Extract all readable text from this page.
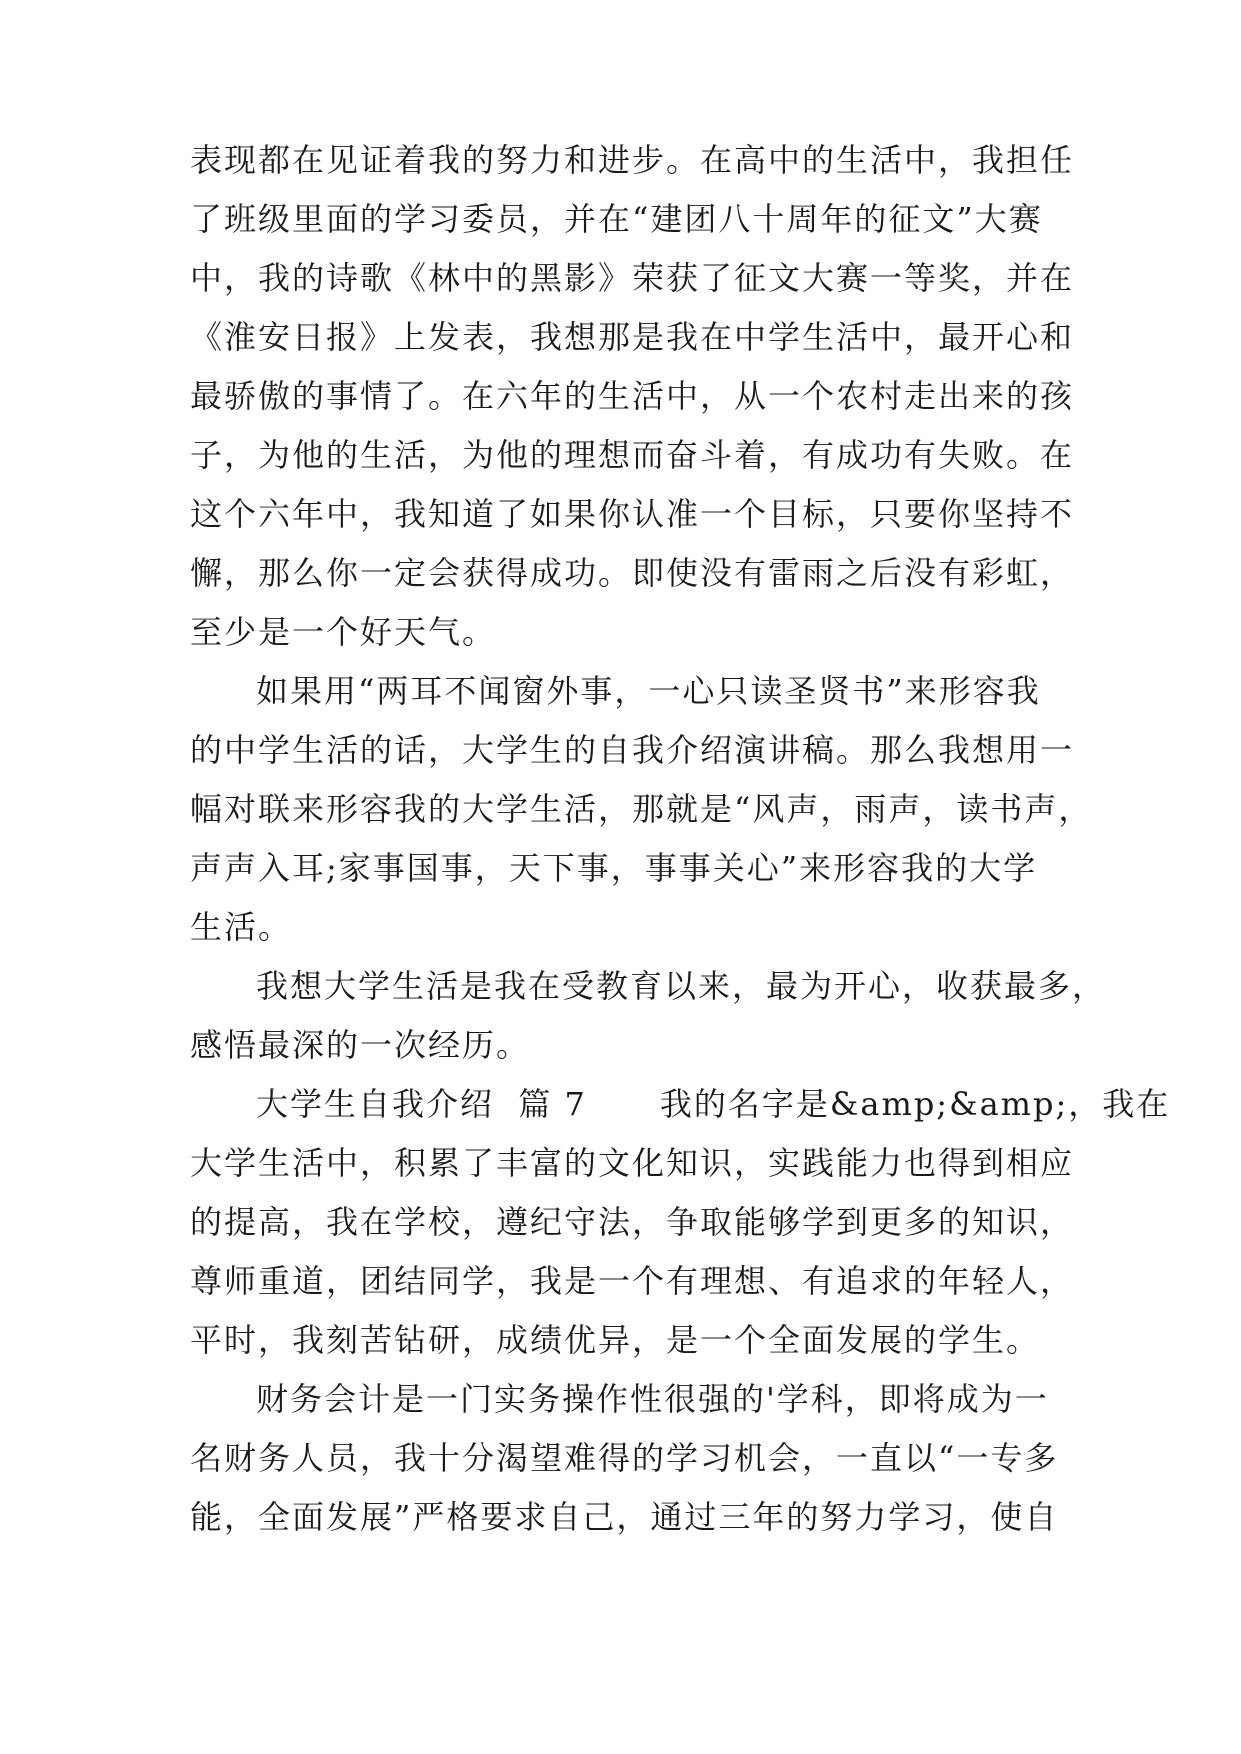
表现都在见证着我的努力和进步。在高中的生活中，我担任
了班级里面的学习委员，并在“建团八十周年的征文”大赛
中，我的诗歌《林中的黑影》荣获了征文大赛一等奖，并在
《淮安日报》上发表，我想那是我在中学生活中，最开心和
最骄傲的事情了。在六年的生活中，从一个农村走出来的孩
子，为他的生活，为他的理想而奋斗着，有成功有失败。在
这个六年中，我知道了如果你认准一个目标，只要你坚持不
懈，那么你一定会获得成功。即使没有雷雨之后没有彩虹，
至少是一个好天气。
如果用“两耳不闻窗外事，一心只读圣贤书”来形容我
的中学生活的话，大学生的自我介绍演讲稿。那么我想用一
幅对联来形容我的大学生活，那就是“风声，雨声，读书声，
声声入耳;家事国事，天下事，事事关心”来形容我的大学
生活。
我想大学生活是我在受教育以来，最为开心，收获最多，
感悟最深的一次经历。
大学生自我介绍  篇 7      我的名字是&amp;&amp;，我在
大学生活中，积累了丰富的文化知识，实践能力也得到相应
的提高，我在学校，遵纪守法，争取能够学到更多的知识，
尊师重道，团结同学，我是一个有理想、有追求的年轻人，
平时，我刻苦钻研，成绩优异，是一个全面发展的学生。
财务会计是一门实务操作性很强的'学科，即将成为一
名财务人员，我十分渴望难得的学习机会，一直以“一专多
能，全面发展”严格要求自己，通过三年的努力学习，使自
